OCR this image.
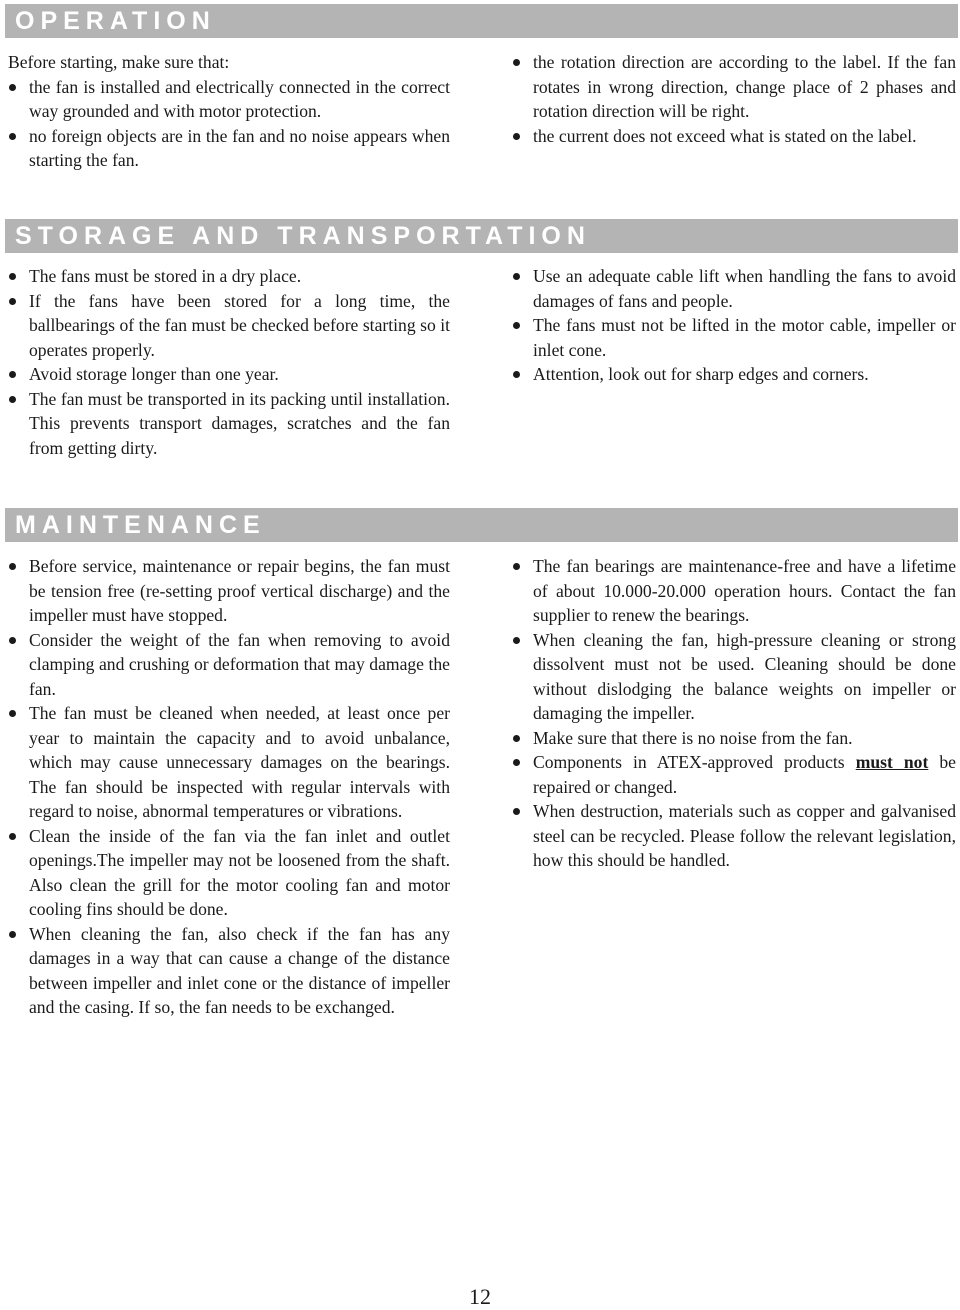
OPERATION

Before starting, make sure that:

the fan is installed and electrically connected in the correct way grounded and with motor protection.
no foreign objects are in the fan and no noise appears when starting the fan.
the rotation direction are according to the label. If the fan rotates in wrong direction, change place of 2 phases and rotation direction will be right.
the current does not exceed what is stated on the label.
STORAGE AND TRANSPORTATION
The fans must be stored in a dry place.
If the fans have been stored for a long time, the ballbearings of the fan must be checked before starting so it operates properly.
Avoid storage longer than one year.
The fan must be transported in its packing until installation. This prevents transport damages, scratches and the fan from getting dirty.
Use an adequate cable lift when handling the fans to avoid damages of fans and people.
The fans must not be lifted in the motor cable, impeller or inlet cone.
Attention, look out for sharp edges and corners.
MAINTENANCE
Before service, maintenance or repair begins, the fan must be tension free (re-setting proof vertical discharge) and the impeller must have stopped.
Consider the weight of the fan when removing to avoid clamping and crushing or deformation that may damage the fan.
The fan must be cleaned when needed, at least once per year to maintain the capacity and to avoid unbalance, which may cause unnecessary damages on the bearings. The fan should be inspected with regular intervals with regard to noise, abnormal temperatures or vibrations.
Clean the inside of the fan via the fan inlet and outlet openings.The impeller may not be loosened from the shaft. Also clean the grill for the motor cooling fan and motor cooling fins should be done.
When cleaning the fan, also check if the fan has any damages in a way that can cause a change of the distance between impeller and inlet cone or the distance of impeller and the casing. If so, the fan needs to be exchanged.
The fan bearings are maintenance-free and have a lifetime of about 10.000-20.000 operation hours. Contact the fan supplier to renew the bearings.
When cleaning the fan, high-pressure cleaning or strong dissolvent must not be used. Cleaning should be done without dislodging the balance weights on impeller or damaging the impeller.
Make sure that there is no noise from the fan.
Components in ATEX-approved products must not be repaired or changed.
When destruction, materials such as copper and galvanised steel can be recycled. Please follow the relevant legislation, how this should be handled.
12
